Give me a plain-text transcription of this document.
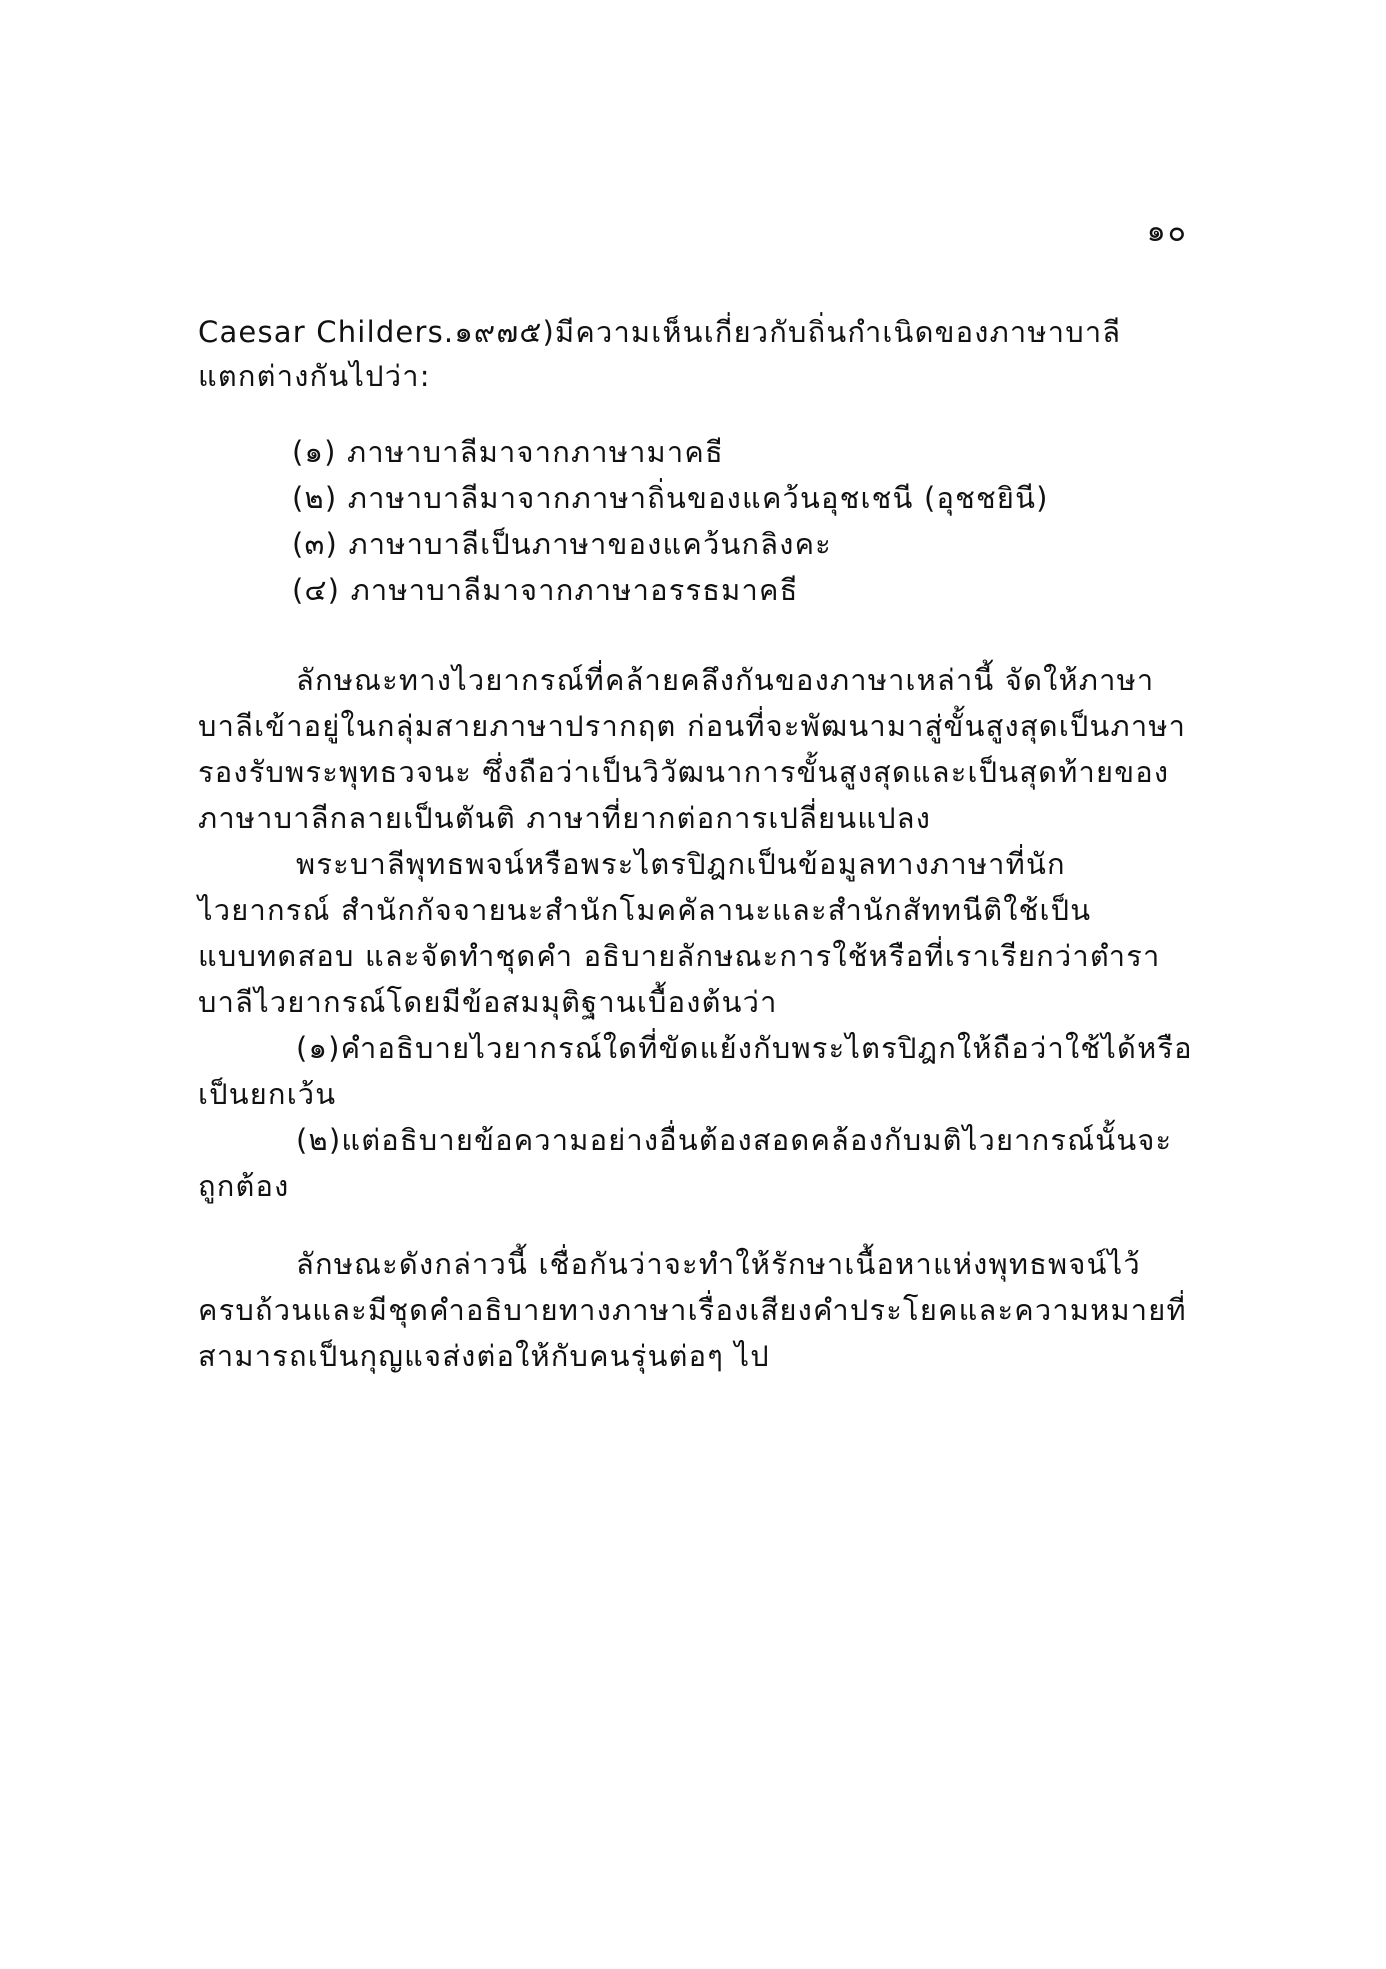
๑๐
Caesar Childers.๑๙๗๕)มีความเห็นเกี่ยวกับถิ่นกำเนิดของภาษาบาลี
แตกต่างกันไปว่า:
(๑) ภาษาบาลีมาจากภาษามาคธี
(๒) ภาษาบาลีมาจากภาษาถิ่นของแคว้นอุชเชนี (อุชชยินี)
(๓) ภาษาบาลีเป็นภาษาของแคว้นกลิงคะ
(๔) ภาษาบาลีมาจากภาษาอรรธมาคธี
ลักษณะทางไวยากรณ์ที่คล้ายคลึงกันของภาษาเหล่านี้ จัดให้ภาษา
บาลีเข้าอยู่ในกลุ่มสายภาษาปรากฤต ก่อนที่จะพัฒนามาสู่ขั้นสูงสุดเป็นภาษา
รองรับพระพุทธวจนะ ซึ่งถือว่าเป็นวิวัฒนาการขั้นสูงสุดและเป็นสุดท้ายของ
ภาษาบาลีกลายเป็นตันติ ภาษาที่ยากต่อการเปลี่ยนแปลง
พระบาลีพุทธพจน์หรือพระไตรปิฎกเป็นข้อมูลทางภาษาที่นัก
ไวยากรณ์ สำนักกัจจายนะสำนักโมคคัลานะและสำนักสัททนีติใช้เป็น
แบบทดสอบ และจัดทำชุดคำ อธิบายลักษณะการใช้หรือที่เราเรียกว่าตำรา
บาลีไวยากรณ์โดยมีข้อสมมุติฐานเบื้องต้นว่า
(๑)คำอธิบายไวยากรณ์ใดที่ขัดแย้งกับพระไตรปิฎกให้ถือว่าใช้ได้หรือ
เป็นยกเว้น
(๒)แต่อธิบายข้อความอย่างอื่นต้องสอดคล้องกับมติไวยากรณ์นั้นจะ
ถูกต้อง
ลักษณะดังกล่าวนี้ เชื่อกันว่าจะทำให้รักษาเนื้อหาแห่งพุทธพจน์ไว้
ครบถ้วนและมีชุดคำอธิบายทางภาษาเรื่องเสียงคำประโยคและความหมายที่
สามารถเป็นกุญแจส่งต่อให้กับคนรุ่นต่อๆ ไป
